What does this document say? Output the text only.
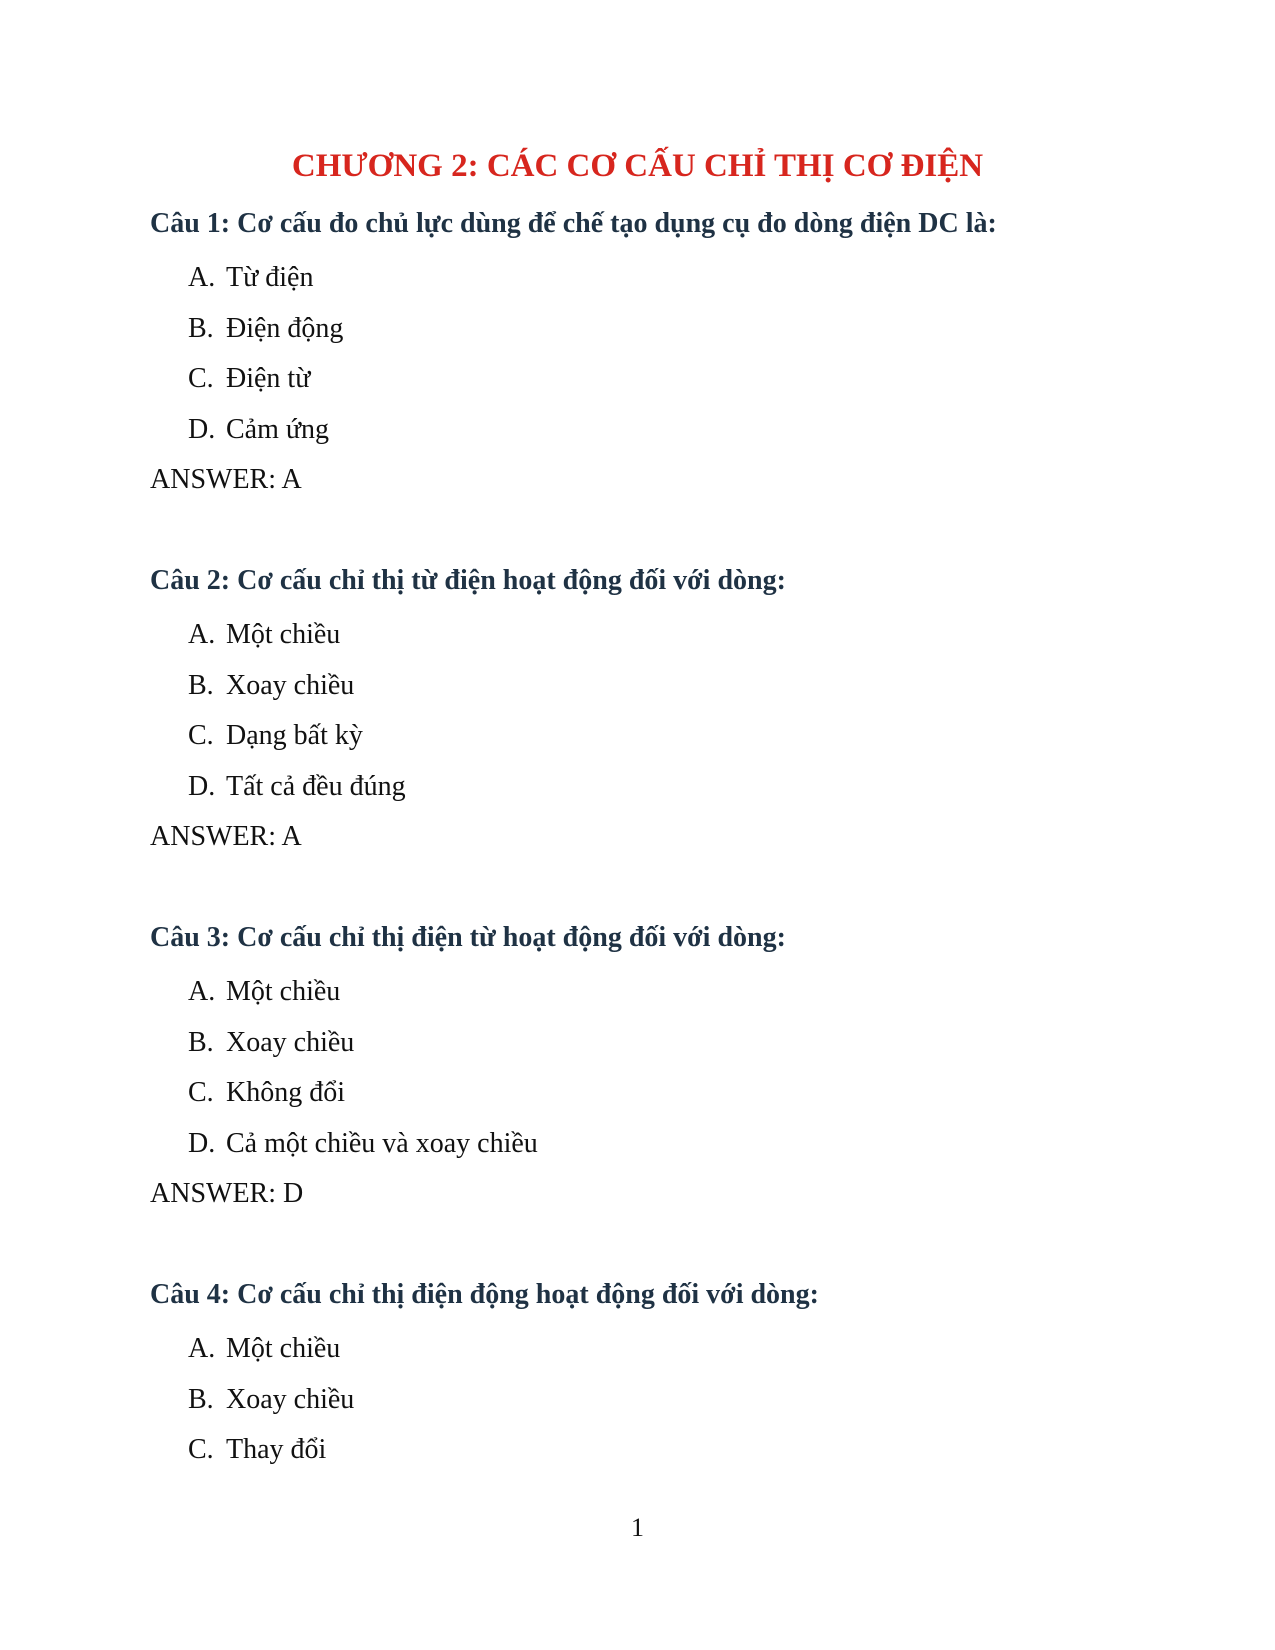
CHƯƠNG 2: CÁC CƠ CẤU CHỈ THỊ CƠ ĐIỆN
Câu 1: Cơ cấu đo chủ lực dùng để chế tạo dụng cụ đo dòng điện DC là:
A. Từ điện
B. Điện động
C. Điện từ
D. Cảm ứng
ANSWER: A
Câu 2: Cơ cấu chỉ thị từ điện hoạt động đối với dòng:
A. Một chiều
B. Xoay chiều
C. Dạng bất kỳ
D. Tất cả đều đúng
ANSWER: A
Câu 3: Cơ cấu chỉ thị điện từ hoạt động đối với dòng:
A. Một chiều
B. Xoay chiều
C. Không đổi
D. Cả một chiều và xoay chiều
ANSWER: D
Câu 4: Cơ cấu chỉ thị điện động hoạt động đối với dòng:
A. Một chiều
B. Xoay chiều
C. Thay đổi
1
